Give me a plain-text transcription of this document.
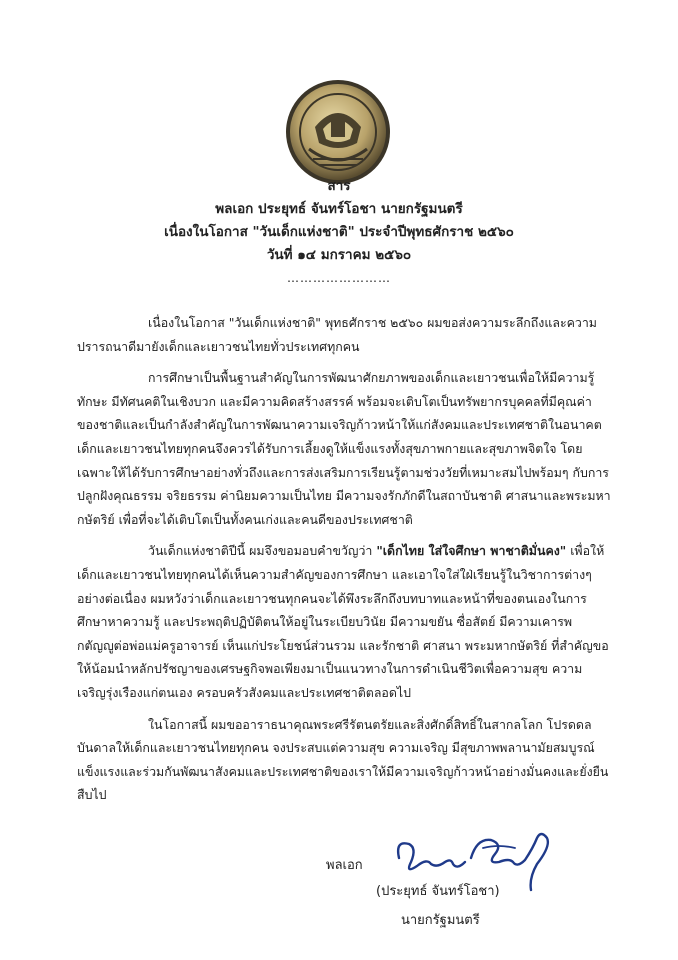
สาร
พลเอก ประยุทธ์ จันทร์โอชา นายกรัฐมนตรี
เนื่องในโอกาส "วันเด็กแห่งชาติ" ประจำปีพุทธศักราช ๒๕๖๐
วันที่ ๑๔ มกราคม ๒๕๖๐
……………………

เนื่องในโอกาส "วันเด็กแห่งชาติ" พุทธศักราช ๒๕๖๐ ผมขอส่งความระลึกถึงและความปรารถนาดีมายังเด็กและเยาวชนไทยทั่วประเทศทุกคน

การศึกษาเป็นพื้นฐานสำคัญในการพัฒนาศักยภาพของเด็กและเยาวชนเพื่อให้มีความรู้ ทักษะ มีทัศนคติในเชิงบวก และมีความคิดสร้างสรรค์ พร้อมจะเติบโตเป็นทรัพยากรบุคคลที่มีคุณค่าของชาติและเป็นกำลังสำคัญในการพัฒนาความเจริญก้าวหน้าให้แก่สังคมและประเทศชาติในอนาคต เด็กและเยาวชนไทยทุกคนจึงควรได้รับการเลี้ยงดูให้แข็งแรงทั้งสุขภาพกายและสุขภาพจิตใจ โดยเฉพาะให้ได้รับการศึกษาอย่างทั่วถึงและการส่งเสริมการเรียนรู้ตามช่วงวัยที่เหมาะสมไปพร้อมๆ กับการปลูกฝังคุณธรรม จริยธรรม ค่านิยมความเป็นไทย มีความจงรักภักดีในสถาบันชาติ ศาสนาและพระมหากษัตริย์ เพื่อที่จะได้เติบโตเป็นทั้งคนเก่งและคนดีของประเทศชาติ

วันเด็กแห่งชาติปีนี้ ผมจึงขอมอบคำขวัญว่า "เด็กไทย ใส่ใจศึกษา พาชาติมั่นคง" เพื่อให้เด็กและเยาวชนไทยทุกคนได้เห็นความสำคัญของการศึกษา และเอาใจใส่ใฝ่เรียนรู้ในวิชาการต่างๆ อย่างต่อเนื่อง ผมหวังว่าเด็กและเยาวชนทุกคนจะได้พึงระลึกถึงบทบาทและหน้าที่ของตนเองในการศึกษาหาความรู้ และประพฤติปฏิบัติตนให้อยู่ในระเบียบวินัย มีความขยัน ซื่อสัตย์ มีความเคารพ กตัญญูต่อพ่อแม่ครูอาจารย์ เห็นแก่ประโยชน์ส่วนรวม และรักชาติ ศาสนา พระมหากษัตริย์ ที่สำคัญขอให้น้อมนำหลักปรัชญาของเศรษฐกิจพอเพียงมาเป็นแนวทางในการดำเนินชีวิตเพื่อความสุข ความเจริญรุ่งเรืองแก่ตนเอง ครอบครัวสังคมและประเทศชาติตลอดไป

ในโอกาสนี้ ผมขออาราธนาคุณพระศรีรัตนตรัยและสิ่งศักดิ์สิทธิ์ในสากลโลก โปรดดลบันดาลให้เด็กและเยาวชนไทยทุกคน จงประสบแต่ความสุข ความเจริญ มีสุขภาพพลานามัยสมบูรณ์แข็งแรงและร่วมกันพัฒนาสังคมและประเทศชาติของเราให้มีความเจริญก้าวหน้าอย่างมั่นคงและยั่งยืนสืบไป

พลเอก
(ประยุทธ์ จันทร์โอชา)
นายกรัฐมนตรี
